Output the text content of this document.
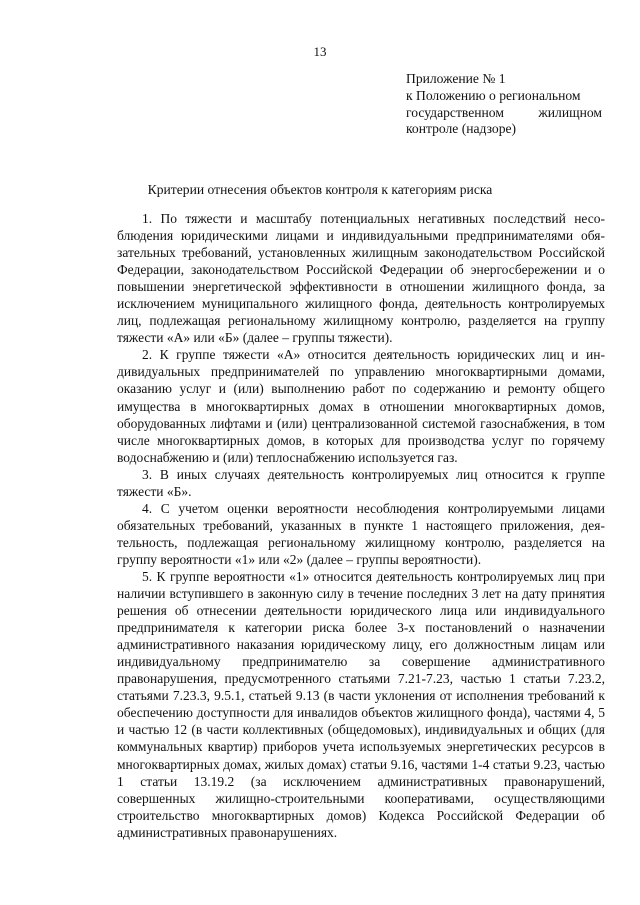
13
Приложение № 1
к Положению о региональном
государственном жилищном
контроле (надзоре)
Критерии отнесения объектов контроля к категориям риска

1. По тяжести и масштабу потенциальных негативных последствий несоблюдения юридическими лицами и индивидуальными предпринимателями обязательных требований, установленных жилищным законодательством Российской Федерации, законодательством Российской Федерации об энергосбережении и о повышении энергетической эффективности в отношении жилищного фонда, за исключением муниципального жилищного фонда, деятельность контролируемых лиц, подлежащая региональному жилищному контролю, разделяется на группу тяжести «А» или «Б» (далее – группы тяжести).

2. К группе тяжести «А» относится деятельность юридических лиц и индивидуальных предпринимателей по управлению многоквартирными домами, оказанию услуг и (или) выполнению работ по содержанию и ремонту общего имущества в многоквартирных домах в отношении многоквартирных домов, оборудованных лифтами и (или) централизованной системой газоснабжения, в том числе многоквартирных домов, в которых для производства услуг по горячему водоснабжению и (или) теплоснабжению используется газ.

3. В иных случаях деятельность контролируемых лиц относится к группе тяжести «Б».

4. С учетом оценки вероятности несоблюдения контролируемыми лицами обязательных требований, указанных в пункте 1 настоящего приложения, деятельность, подлежащая региональному жилищному контролю, разделяется на группу вероятности «1» или «2» (далее – группы вероятности).

5. К группе вероятности «1» относится деятельность контролируемых лиц при наличии вступившего в законную силу в течение последних 3 лет на дату принятия решения об отнесении деятельности юридического лица или индивидуального предпринимателя к категории риска более 3-х постановлений о назначении административного наказания юридическому лицу, его должностным лицам или индивидуальному предпринимателю за совершение административного правонарушения, предусмотренного статьями 7.21-7.23, частью 1 статьи 7.23.2, статьями 7.23.3, 9.5.1, статьей 9.13 (в части уклонения от исполнения требований к обеспечению доступности для инвалидов объектов жилищного фонда), частями 4, 5 и частью 12 (в части коллективных (общедомовых), индивидуальных и общих (для коммунальных квартир) приборов учета используемых энергетических ресурсов в многоквартирных домах, жилых домах) статьи 9.16, частями 1-4 статьи 9.23, частью 1 статьи 13.19.2 (за исключением административных правонарушений, совершенных жилищно-строительными кооперативами, осуществляющими строительство многоквартирных домов) Кодекса Российской Федерации об административных правонарушениях.
